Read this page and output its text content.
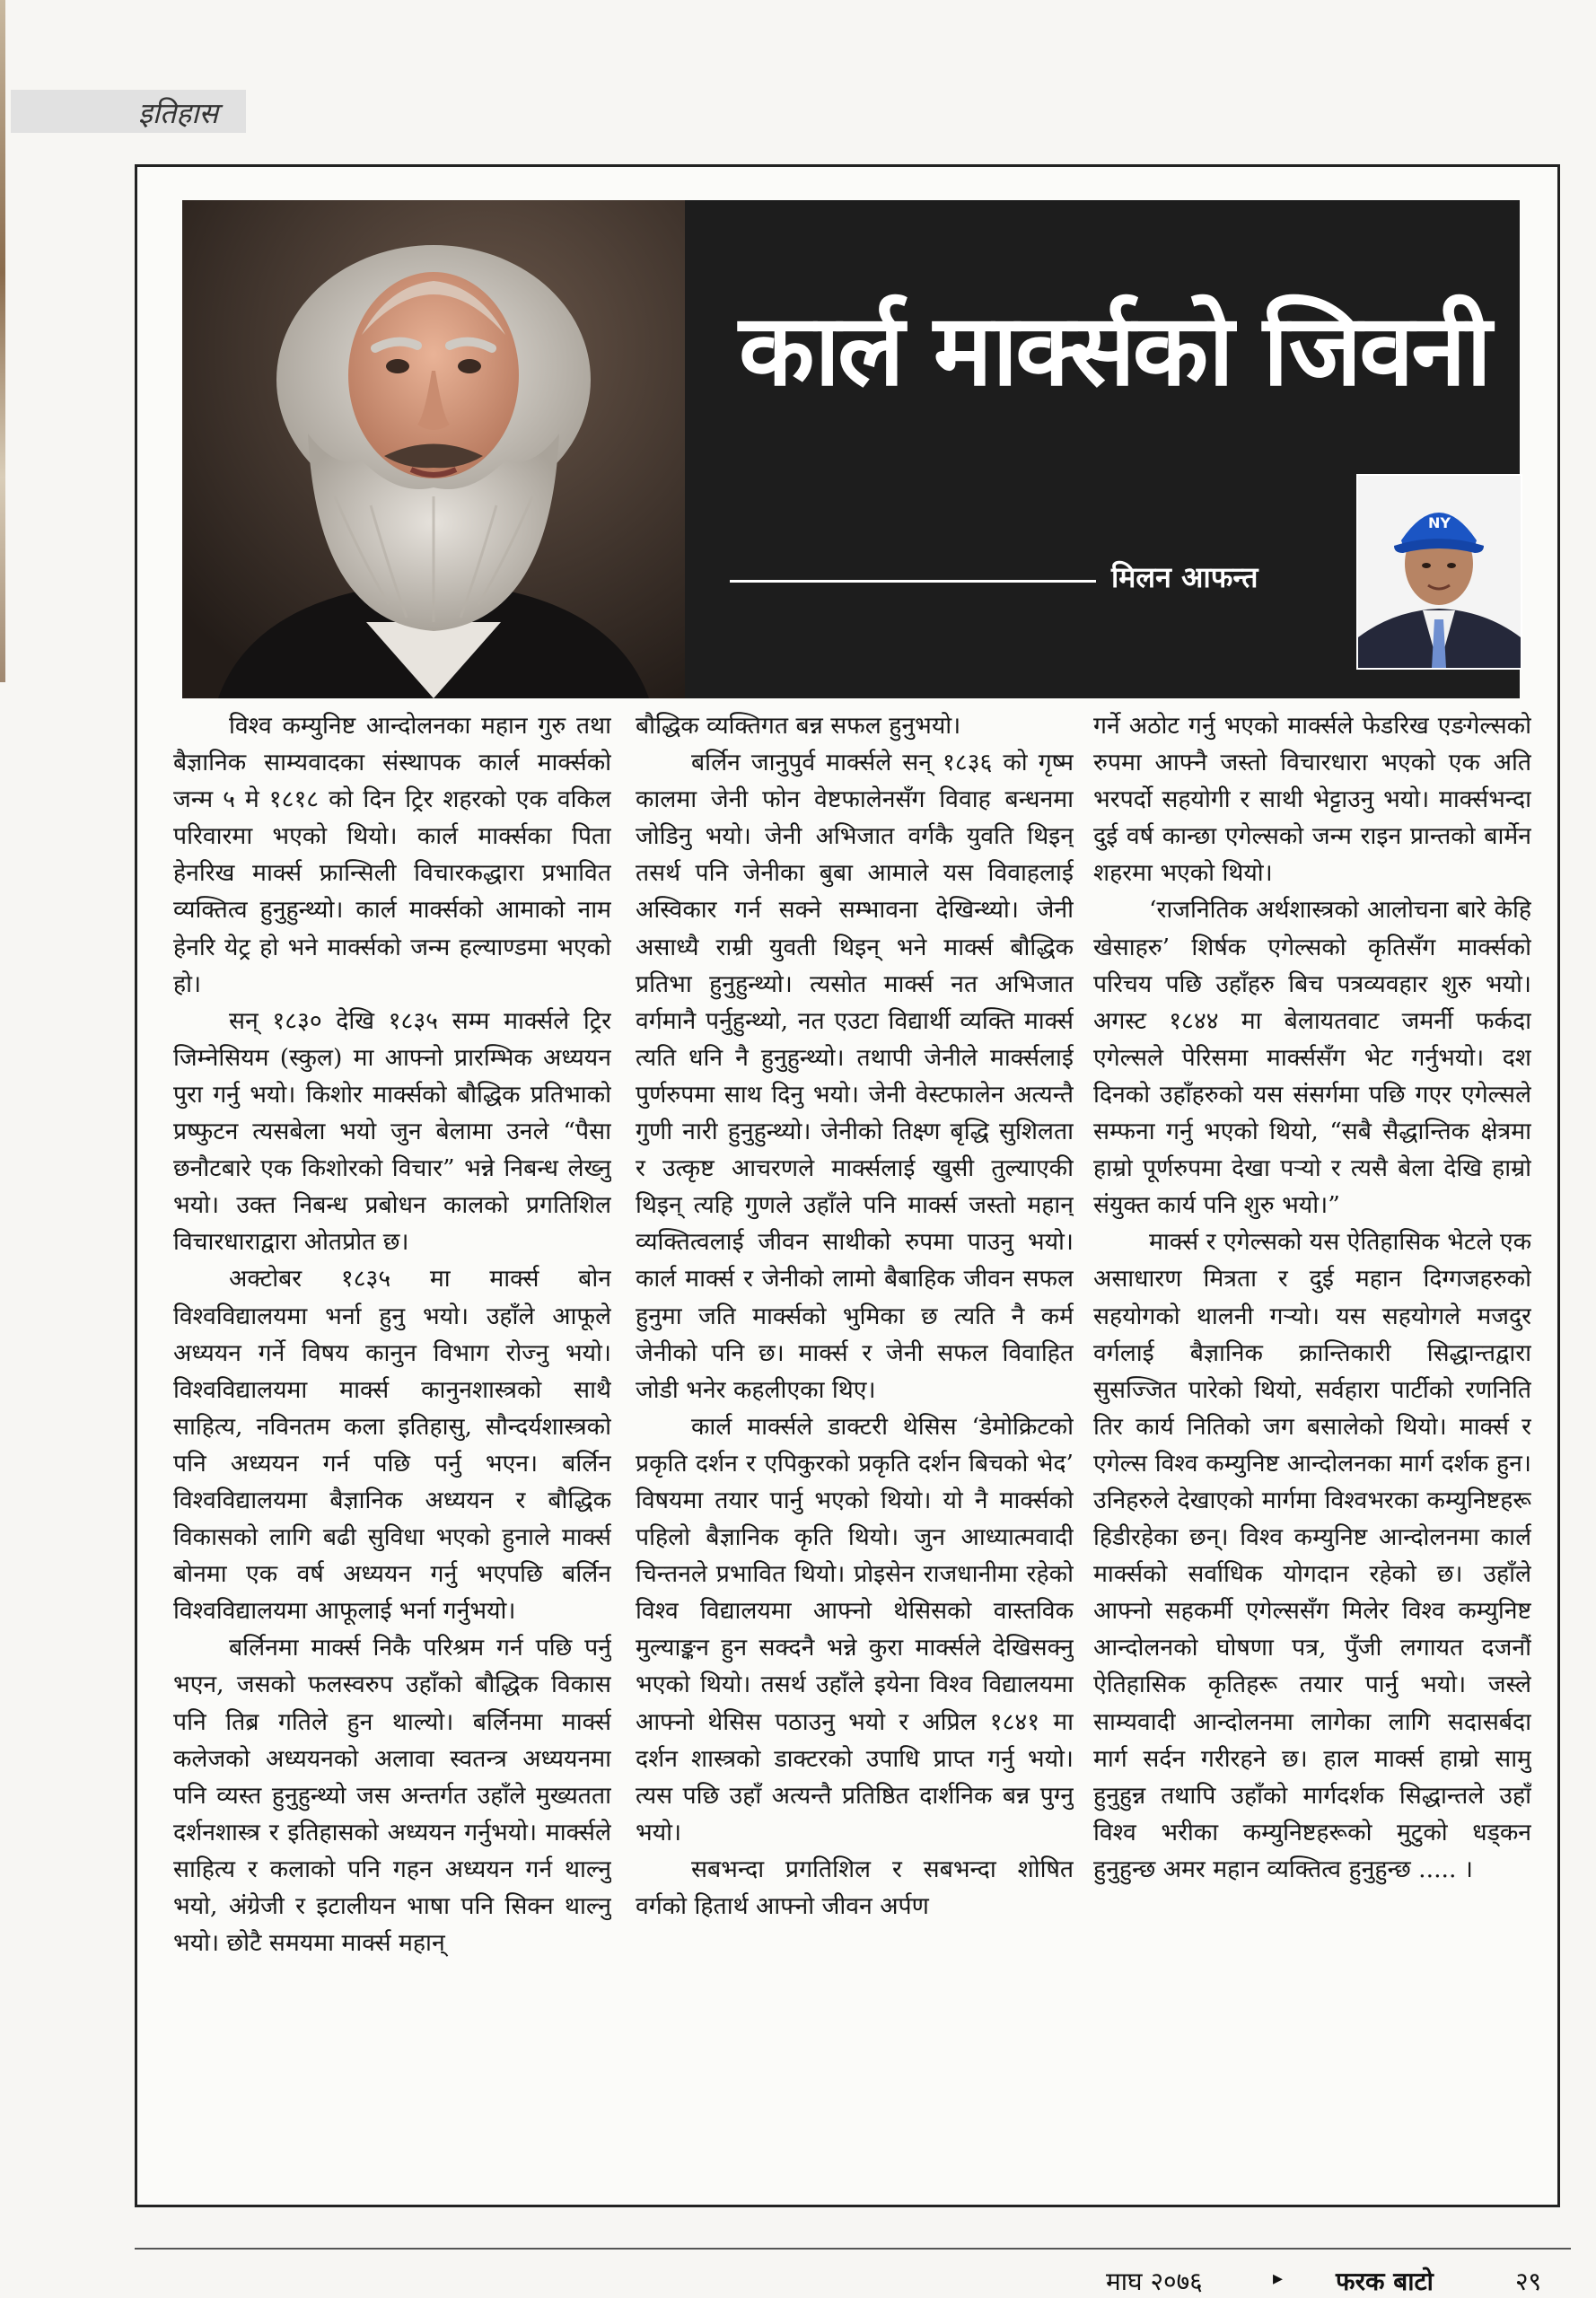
इतिहास
कार्ल मार्क्सको जिवनी
मिलन आफन्त
NY

विश्व कम्युनिष्ट आन्दोलनका महान गुरु तथा बैज्ञानिक साम्यवादका संस्थापक कार्ल मार्क्सको जन्म ५ मे १८१८ को दिन ट्रिर शहरको एक वकिल परिवारमा भएको थियो। कार्ल मार्क्सका पिता हेनरिख मार्क्स फ्रान्सिली विचारकद्धारा प्रभावित व्यक्तित्व हुनुहुन्थ्यो। कार्ल मार्क्सको आमाको नाम हेनरि येट्र हो भने मार्क्सको जन्म हल्याण्डमा भएको हो।

सन् १८३० देखि १८३५ सम्म मार्क्सले ट्रिर जिम्नेसियम (स्कुल) मा आफ्नो प्रारम्भिक अध्ययन पुरा गर्नु भयो। किशोर मार्क्सको बौद्धिक प्रतिभाको प्रष्फुटन त्यसबेला भयो जुन बेलामा उनले “पैसा छनौटबारे एक किशोरको विचार” भन्ने निबन्ध लेख्नु भयो। उक्त निबन्ध प्रबोधन कालको प्रगतिशिल विचारधाराद्वारा ओतप्रोत छ।

अक्टोबर १८३५ मा मार्क्स बोन विश्वविद्यालयमा भर्ना हुनु भयो। उहाँले आफूले अध्ययन गर्ने विषय कानुन विभाग रोज्नु भयो। विश्वविद्यालयमा मार्क्स कानुनशास्त्रको साथै साहित्य, नविनतम कला इतिहासु, सौन्दर्यशास्त्रको पनि अध्ययन गर्न पछि पर्नु भएन। बर्लिन विश्वविद्यालयमा बैज्ञानिक अध्ययन र बौद्धिक विकासको लागि बढी सुविधा भएको हुनाले मार्क्स बोनमा एक वर्ष अध्ययन गर्नु भएपछि बर्लिन विश्वविद्यालयमा आफूलाई भर्ना गर्नुभयो।

बर्लिनमा मार्क्स निकै परिश्रम गर्न पछि पर्नु भएन, जसको फलस्वरुप उहाँको बौद्धिक विकास पनि तिब्र गतिले हुन थाल्यो। बर्लिनमा मार्क्स कलेजको अध्ययनको अलावा स्वतन्त्र अध्ययनमा पनि व्यस्त हुनुहुन्थ्यो जस अन्तर्गत उहाँले मुख्यतता दर्शनशास्त्र र इतिहासको अध्ययन गर्नुभयो। मार्क्सले साहित्य र कलाको पनि गहन अध्ययन गर्न थाल्नु भयो, अंग्रेजी र इटालीयन भाषा पनि सिक्न थाल्नु भयो। छोटै समयमा मार्क्स महान्

बौद्धिक व्यक्तिगत बन्न सफल हुनुभयो।

बर्लिन जानुपुर्व मार्क्सले सन् १८३६ को गृष्म कालमा जेनी फोन वेष्टफालेनसँग विवाह बन्धनमा जोडिनु भयो। जेनी अभिजात वर्गकै युवति थिइन् तसर्थ पनि जेनीका बुबा आमाले यस विवाहलाई अस्विकार गर्न सक्ने सम्भावना देखिन्थ्यो। जेनी असाध्यै राम्री युवती थिइन् भने मार्क्स बौद्धिक प्रतिभा हुनुहुन्थ्यो। त्यसोत मार्क्स नत अभिजात वर्गमानै पर्नुहुन्थ्यो, नत एउटा विद्यार्थी व्यक्ति मार्क्स त्यति धनि नै हुनुहुन्थ्यो। तथापी जेनीले मार्क्सलाई पुर्णरुपमा साथ दिनु भयो। जेनी वेस्टफालेन अत्यन्तै गुणी नारी हुनुहुन्थ्यो। जेनीको तिक्ष्ण बृद्धि सुशिलता र उत्कृष्ट आचरणले मार्क्सलाई खुसी तुल्याएकी थिइन् त्यहि गुणले उहाँले पनि मार्क्स जस्तो महान् व्यक्तित्वलाई जीवन साथीको रुपमा पाउनु भयो। कार्ल मार्क्स र जेनीको लामो बैबाहिक जीवन सफल हुनुमा जति मार्क्सको भुमिका छ त्यति नै कर्म जेनीको पनि छ। मार्क्स र जेनी सफल विवाहित जोडी भनेर कहलीएका थिए।

कार्ल मार्क्सले डाक्टरी थेसिस ‘डेमोक्रिटको प्रकृति दर्शन र एपिकुरको प्रकृति दर्शन बिचको भेद’ विषयमा तयार पार्नु भएको थियो। यो नै मार्क्सको पहिलो बैज्ञानिक कृति थियो। जुन आध्यात्मवादी चिन्तनले प्रभावित थियो। प्रोइसेन राजधानीमा रहेको विश्व विद्यालयमा आफ्नो थेसिसको वास्तविक मुल्याङ्कन हुन सक्दनै भन्ने कुरा मार्क्सले देखिसक्नु भएको थियो। तसर्थ उहाँले इयेना विश्व विद्यालयमा आफ्नो थेसिस पठाउनु भयो र अप्रिल १८४१ मा दर्शन शास्त्रको डाक्टरको उपाधि प्राप्त गर्नु भयो। त्यस पछि उहाँ अत्यन्तै प्रतिष्ठित दार्शनिक बन्न पुग्नु भयो।

सबभन्दा प्रगतिशिल र सबभन्दा शोषित वर्गको हितार्थ आफ्नो जीवन अर्पण

गर्ने अठोट गर्नु भएको मार्क्सले फेडरिख एङगेल्सको रुपमा आफ्नै जस्तो विचारधारा भएको एक अति भरपर्दो सहयोगी र साथी भेट्टाउनु भयो। मार्क्सभन्दा दुई वर्ष कान्छा एगेल्सको जन्म राइन प्रान्तको बार्मेन शहरमा भएको थियो।

‘राजनितिक अर्थशास्त्रको आलोचना बारे केहि खेसाहरु’ शिर्षक एगेल्सको कृतिसँग मार्क्सको परिचय पछि उहाँहरु बिच पत्रव्यवहार शुरु भयो। अगस्ट १८४४ मा बेलायतवाट जमर्नी फर्कदा एगेल्सले पेरिसमा मार्क्ससँग भेट गर्नुभयो। दश दिनको उहाँहरुको यस संसर्गमा पछि गएर एगेल्सले सम्फना गर्नु भएको थियो, “सबै सैद्धान्तिक क्षेत्रमा हाम्रो पूर्णरुपमा देखा पर्‍यो र त्यसै बेला देखि हाम्रो संयुक्त कार्य पनि शुरु भयो।”

मार्क्स र एगेल्सको यस ऐतिहासिक भेटले एक असाधारण मित्रता र दुई महान दिग्गजहरुको सहयोगको थालनी गर्‍यो। यस सहयोगले मजदुर वर्गलाई बैज्ञानिक क्रान्तिकारी सिद्धान्तद्वारा सुसज्जित पारेको थियो, सर्वहारा पार्टीको रणनिति तिर कार्य नितिको जग बसालेको थियो। मार्क्स र एगेल्स विश्व कम्युनिष्ट आन्दोलनका मार्ग दर्शक हुन। उनिहरुले देखाएको मार्गमा विश्वभरका कम्युनिष्टहरू हिडीरहेका छन्। विश्व कम्युनिष्ट आन्दोलनमा कार्ल मार्क्सको सर्वाधिक योगदान रहेको छ। उहाँले आफ्नो सहकर्मी एगेल्ससँग मिलेर विश्व कम्युनिष्ट आन्दोलनको घोषणा पत्र, पुँजी लगायत दजनौं ऐतिहासिक कृतिहरू तयार पार्नु भयो। जस्ले साम्यवादी आन्दोलनमा लागेका लागि सदासर्बदा मार्ग सर्दन गरीरहने छ। हाल मार्क्स हाम्रो सामु हुनुहुन्न तथापि उहाँको मार्गदर्शक सिद्धान्तले उहाँ विश्व भरीका कम्युनिष्टहरूको मुटुको धड्कन हुनुहुन्छ अमर महान व्यक्तित्व हुनुहुन्छ ..... ।

माघ २०७६	▸ फरक बाटो	२९
